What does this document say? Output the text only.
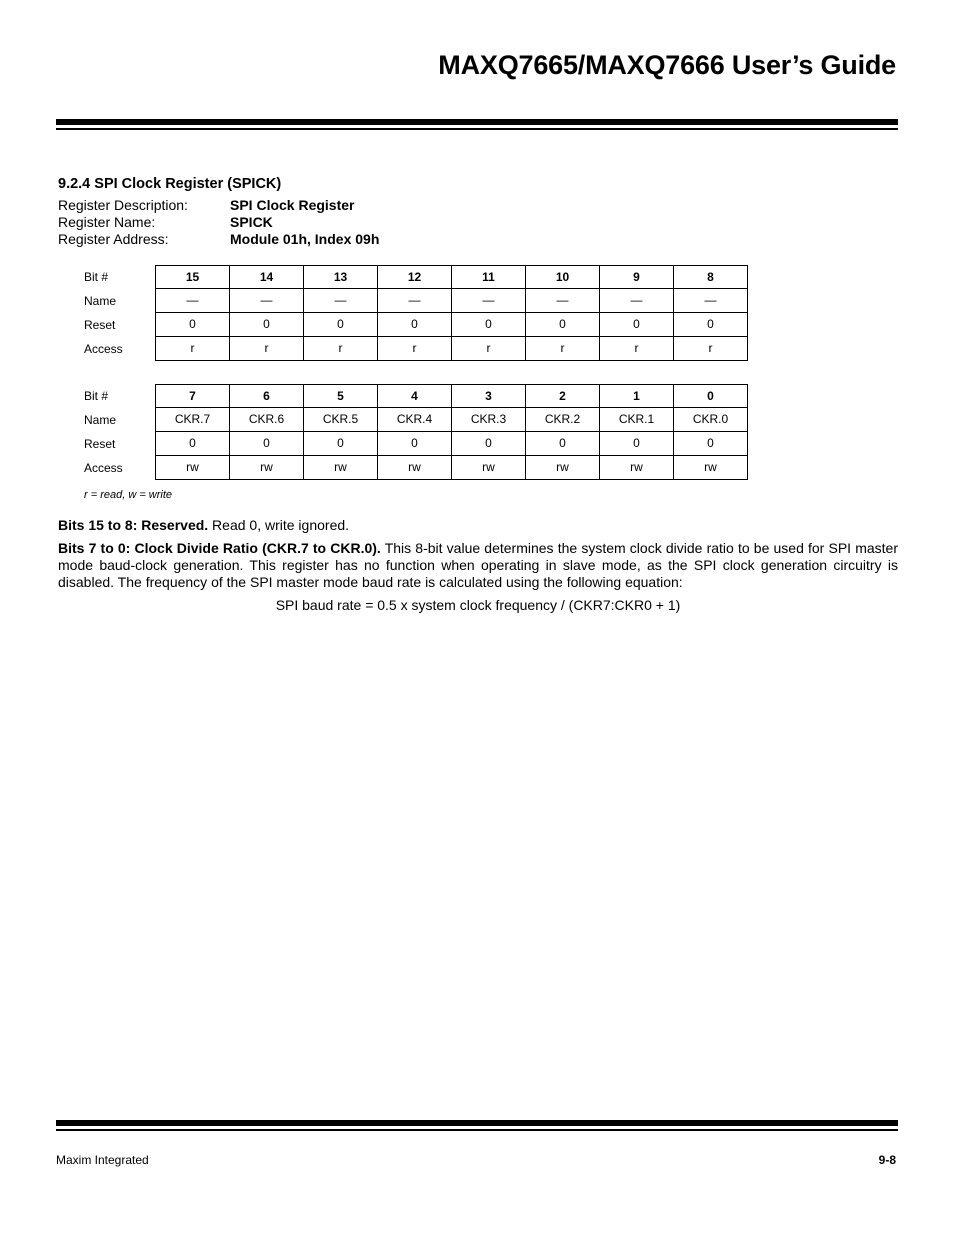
MAXQ7665/MAXQ7666 User’s Guide
9.2.4 SPI Clock Register (SPICK)
Register Description:	SPI Clock Register
Register Name:	SPICK
Register Address:	Module 01h, Index 09h
Bit #	15	14	13	12	11	10	9	8
Name	—	—	—	—	—	—	—	—
Reset	0	0	0	0	0	0	0	0
Access	r	r	r	r	r	r	r	r
Bit #	7	6	5	4	3	2	1	0
Name	CKR.7	CKR.6	CKR.5	CKR.4	CKR.3	CKR.2	CKR.1	CKR.0
Reset	0	0	0	0	0	0	0	0
Access	rw	rw	rw	rw	rw	rw	rw	rw
r = read, w = write
Bits 15 to 8: Reserved. Read 0, write ignored.
Bits 7 to 0: Clock Divide Ratio (CKR.7 to CKR.0). This 8-bit value determines the system clock divide ratio to be used for SPI master mode baud-clock generation. This register has no function when operating in slave mode, as the SPI clock generation circuitry is disabled. The frequency of the SPI master mode baud rate is calculated using the following equation:
SPI baud rate = 0.5 x system clock frequency / (CKR7:CKR0 + 1)
Maxim Integrated	9-8
